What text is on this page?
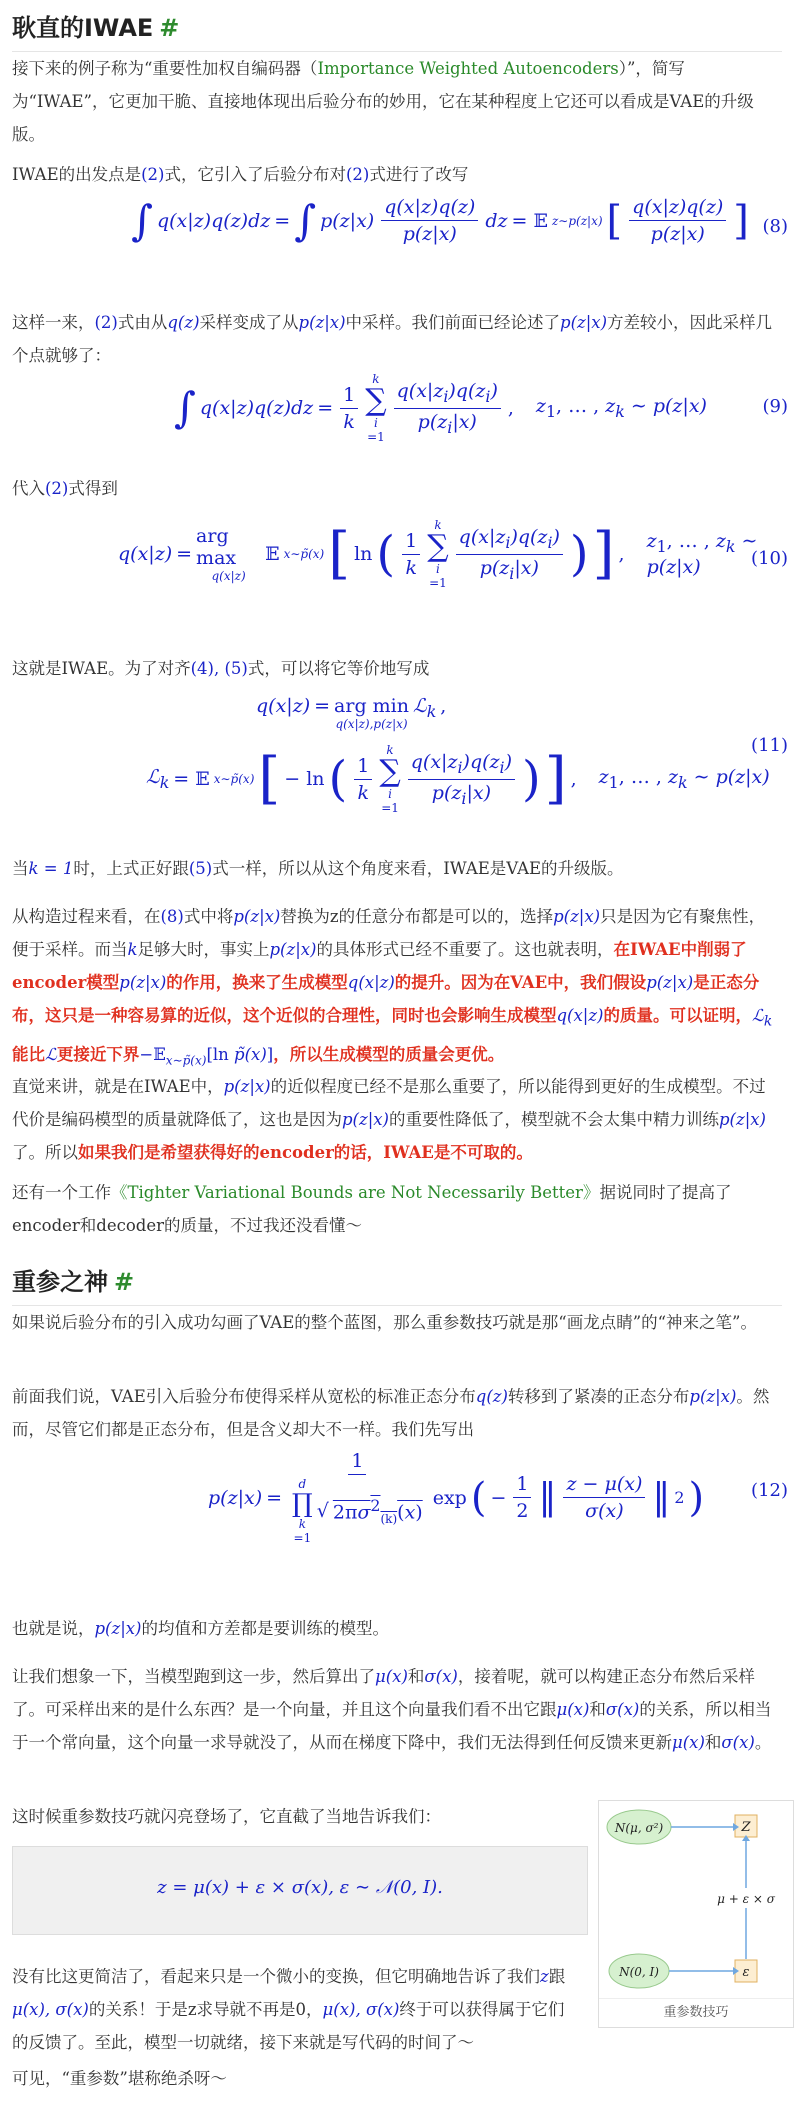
耿直的IWAE #
接下来的例子称为“重要性加权自编码器（Importance Weighted Autoencoders）”，简写为“IWAE”，它更加干脆、直接地体现出后验分布的妙用，它在某种程度上它还可以看成是VAE的升级版。
IWAE的出发点是(2)式，它引入了后验分布对(2)式进行了改写
∫ q(x|z)q(z)dz = ∫ $p(z|x) \frac{q(x|z)q(z)}{p(z|x)}$ dz = 𝔼 z∼p(z|x) [ $\frac{q(x|z)q(z)}{p(z|x)}$ ] (8)
这样一来，(2)式由从q(z)采样变成了从p(z|x)中采样。我们前面已经论述了p(z|x)方差较小，因此采样几个点就够了：
∫ $q(x|z)q(z)dz = \frac{1}{k}$
k
∑
i
=1
$\frac{q(x|z_i)q(z_i)}{p(z_i|x)}$ , $z_1$, … , $z_k$ ∼ p(z|x)	(9)
代入(2)式得到
q(x|z) =
arg max
q(x|z)
𝔼 x∼p̃(x) [ ln ( $\frac{1}{k}$
k
∑
i
=1
$\frac{q(x|z_i)q(z_i)}{p(z_i|x)}$ ) ] ,
$z_1$, … , $z_k$ ∼ p(z|x)	(10)
这就是IWAE。为了对齐(4), (5)式，可以将它等价地写成
q(x|z) = arg min
q(x|z),p(z|x)
ℒ$_k$ ,
ℒ$_k$ = 𝔼 x∼p̃(x) [ − ln ( $\frac{1}{k}$
k
∑
i
=1
$\frac{q(x|z_i)q(z_i)}{p(z_i|x)}$ ) ] , $z_1$, … , $z_k$ ∼ p(z|x)
(11)
当k = 1时，上式正好跟(5)式一样，所以从这个角度来看，IWAE是VAE的升级版。
从构造过程来看，在(8)式中将p(z|x)替换为z的任意分布都是可以的，选择p(z|x)只是因为它有聚焦性，便于采样。而当k足够大时，事实上p(z|x)的具体形式已经不重要了。这也就表明，在IWAE中削弱了encoder模型p(z|x)的作用，换来了生成模型q(x|z)的提升。因为在VAE中，我们假设p(z|x)是正态分布，这只是一种容易算的近似，这个近似的合理性，同时也会影响生成模型q(x|z)的质量。可以证明，ℒ$_k$能比ℒ更接近下界−𝔼$_{x\sim p̃(x)}$[ln p̃(x)]，所以生成模型的质量会更优。
直觉来讲，就是在IWAE中，p(z|x)的近似程度已经不是那么重要了，所以能得到更好的生成模型。不过代价是编码模型的质量就降低了，这也是因为p(z|x)的重要性降低了，模型就不会太集中精力训练p(z|x)了。所以如果我们是希望获得好的encoder的话，IWAE是不可取的。
还有一个工作《Tighter Variational Bounds are Not Necessarily Better》据说同时了提高了encoder和decoder的质量，不过我还没看懂～
重参之神 #
如果说后验分布的引入成功勾画了VAE的整个蓝图，那么重参数技巧就是那“画龙点睛”的“神来之笔”。
前面我们说，VAE引入后验分布使得采样从宽松的标准正态分布q(z)转移到了紧凑的正态分布p(z|x)。然而，尽管它们都是正态分布，但是含义却大不一样。我们先写出
p(z|x) = 1
d
∏
k
=1
√ $2\pi\sigma^2_{(k)}(x)$ exp ( − $\frac{1}{2}$ ‖ $\frac{z - \mu(x)}{\sigma(x)}$ ‖ 2 )	(12)
也就是说，p(z|x)的均值和方差都是要训练的模型。
让我们想象一下，当模型跑到这一步，然后算出了μ(x)和σ(x)，接着呢，就可以构建正态分布然后采样了。可采样出来的是什么东西？是一个向量，并且这个向量我们看不出它跟μ(x)和σ(x)的关系，所以相当于一个常向量，这个向量一求导就没了，从而在梯度下降中，我们无法得到任何反馈来更新μ(x)和σ(x)。
这时候重参数技巧就闪亮登场了，它直截了当地告诉我们：
z = μ(x) + ε × σ(x), ε ∼ 𝒩(0, I).
没有比这更简洁了，看起来只是一个微小的变换，但它明确地告诉了我们z跟μ(x), σ(x)的关系！于是z求导就不再是0，μ(x), σ(x)终于可以获得属于它们的反馈了。至此，模型一切就绪，接下来就是写代码的时间了～
可见，“重参数”堪称绝杀呀～
N(μ, σ²)	Z
N(0, I)	ε
μ + ε × σ
重参数技巧
